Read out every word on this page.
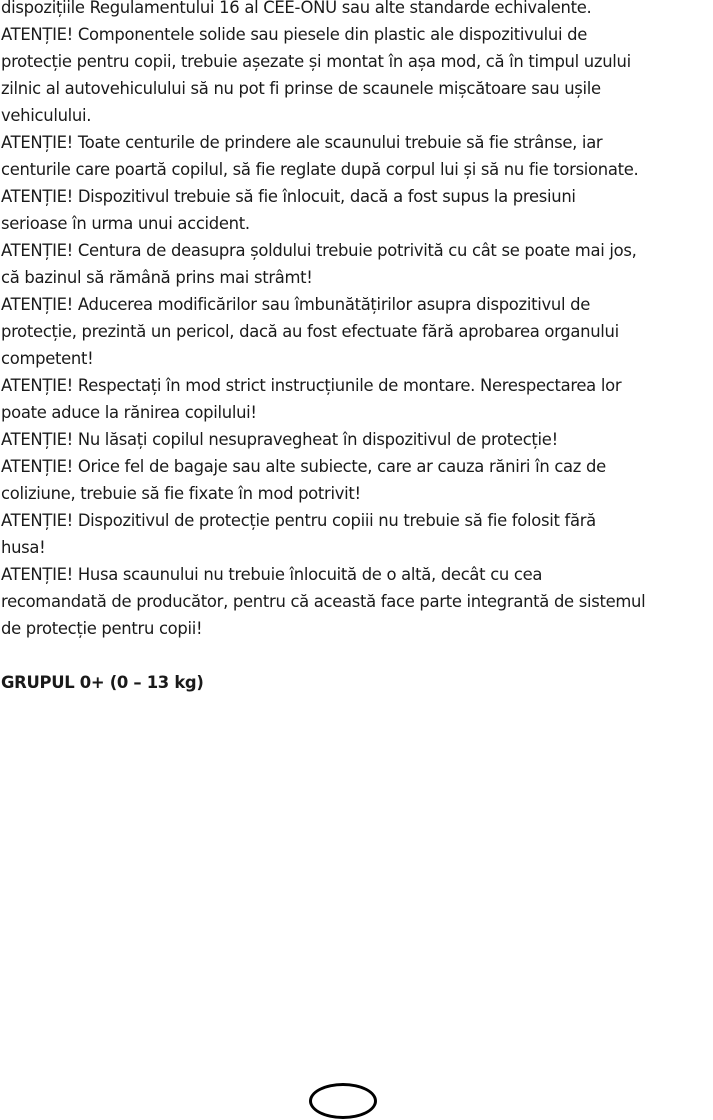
dispozițiile Regulamentului 16 al CEE-ONU sau alte standarde echivalente.

ATENȚIE! Componentele solide sau piesele din plastic ale dispozitivului de

protecție pentru copii, trebuie așezate și montat în așa mod, că în timpul uzului

zilnic al autovehiculului să nu pot fi prinse de scaunele mișcătoare sau ușile

vehiculului.

ATENȚIE! Toate centurile de prindere ale scaunului trebuie să fie strânse, iar

centurile care poartă copilul, să fie reglate după corpul lui și să nu fie torsionate.

ATENȚIE! Dispozitivul trebuie să fie înlocuit, dacă a fost supus la presiuni

serioase în urma unui accident.

ATENȚIE! Centura de deasupra șoldului trebuie potrivită cu cât se poate mai jos,

că bazinul să rămână prins mai strâmt!

ATENȚIE! Aducerea modificărilor sau îmbunătățirilor asupra dispozitivul de

protecție, prezintă un pericol, dacă au fost efectuate fără aprobarea organului

competent!

ATENȚIE! Respectați în mod strict instrucțiunile de montare. Nerespectarea lor

poate aduce la rănirea copilului!

ATENȚIE! Nu lăsați copilul nesupravegheat în dispozitivul de protecție!

ATENȚIE! Orice fel de bagaje sau alte subiecte, care ar cauza răniri în caz de

coliziune, trebuie să fie fixate în mod potrivit!

ATENȚIE! Dispozitivul de protecție pentru copiii nu trebuie să fie folosit fără

husa!

ATENȚIE! Husa scaunului nu trebuie înlocuită de o altă, decât cu cea

recomandată de producător, pentru că această face parte integrantă de sistemul

de protecție pentru copii!

GRUPUL 0+ (0 – 13 kg)
